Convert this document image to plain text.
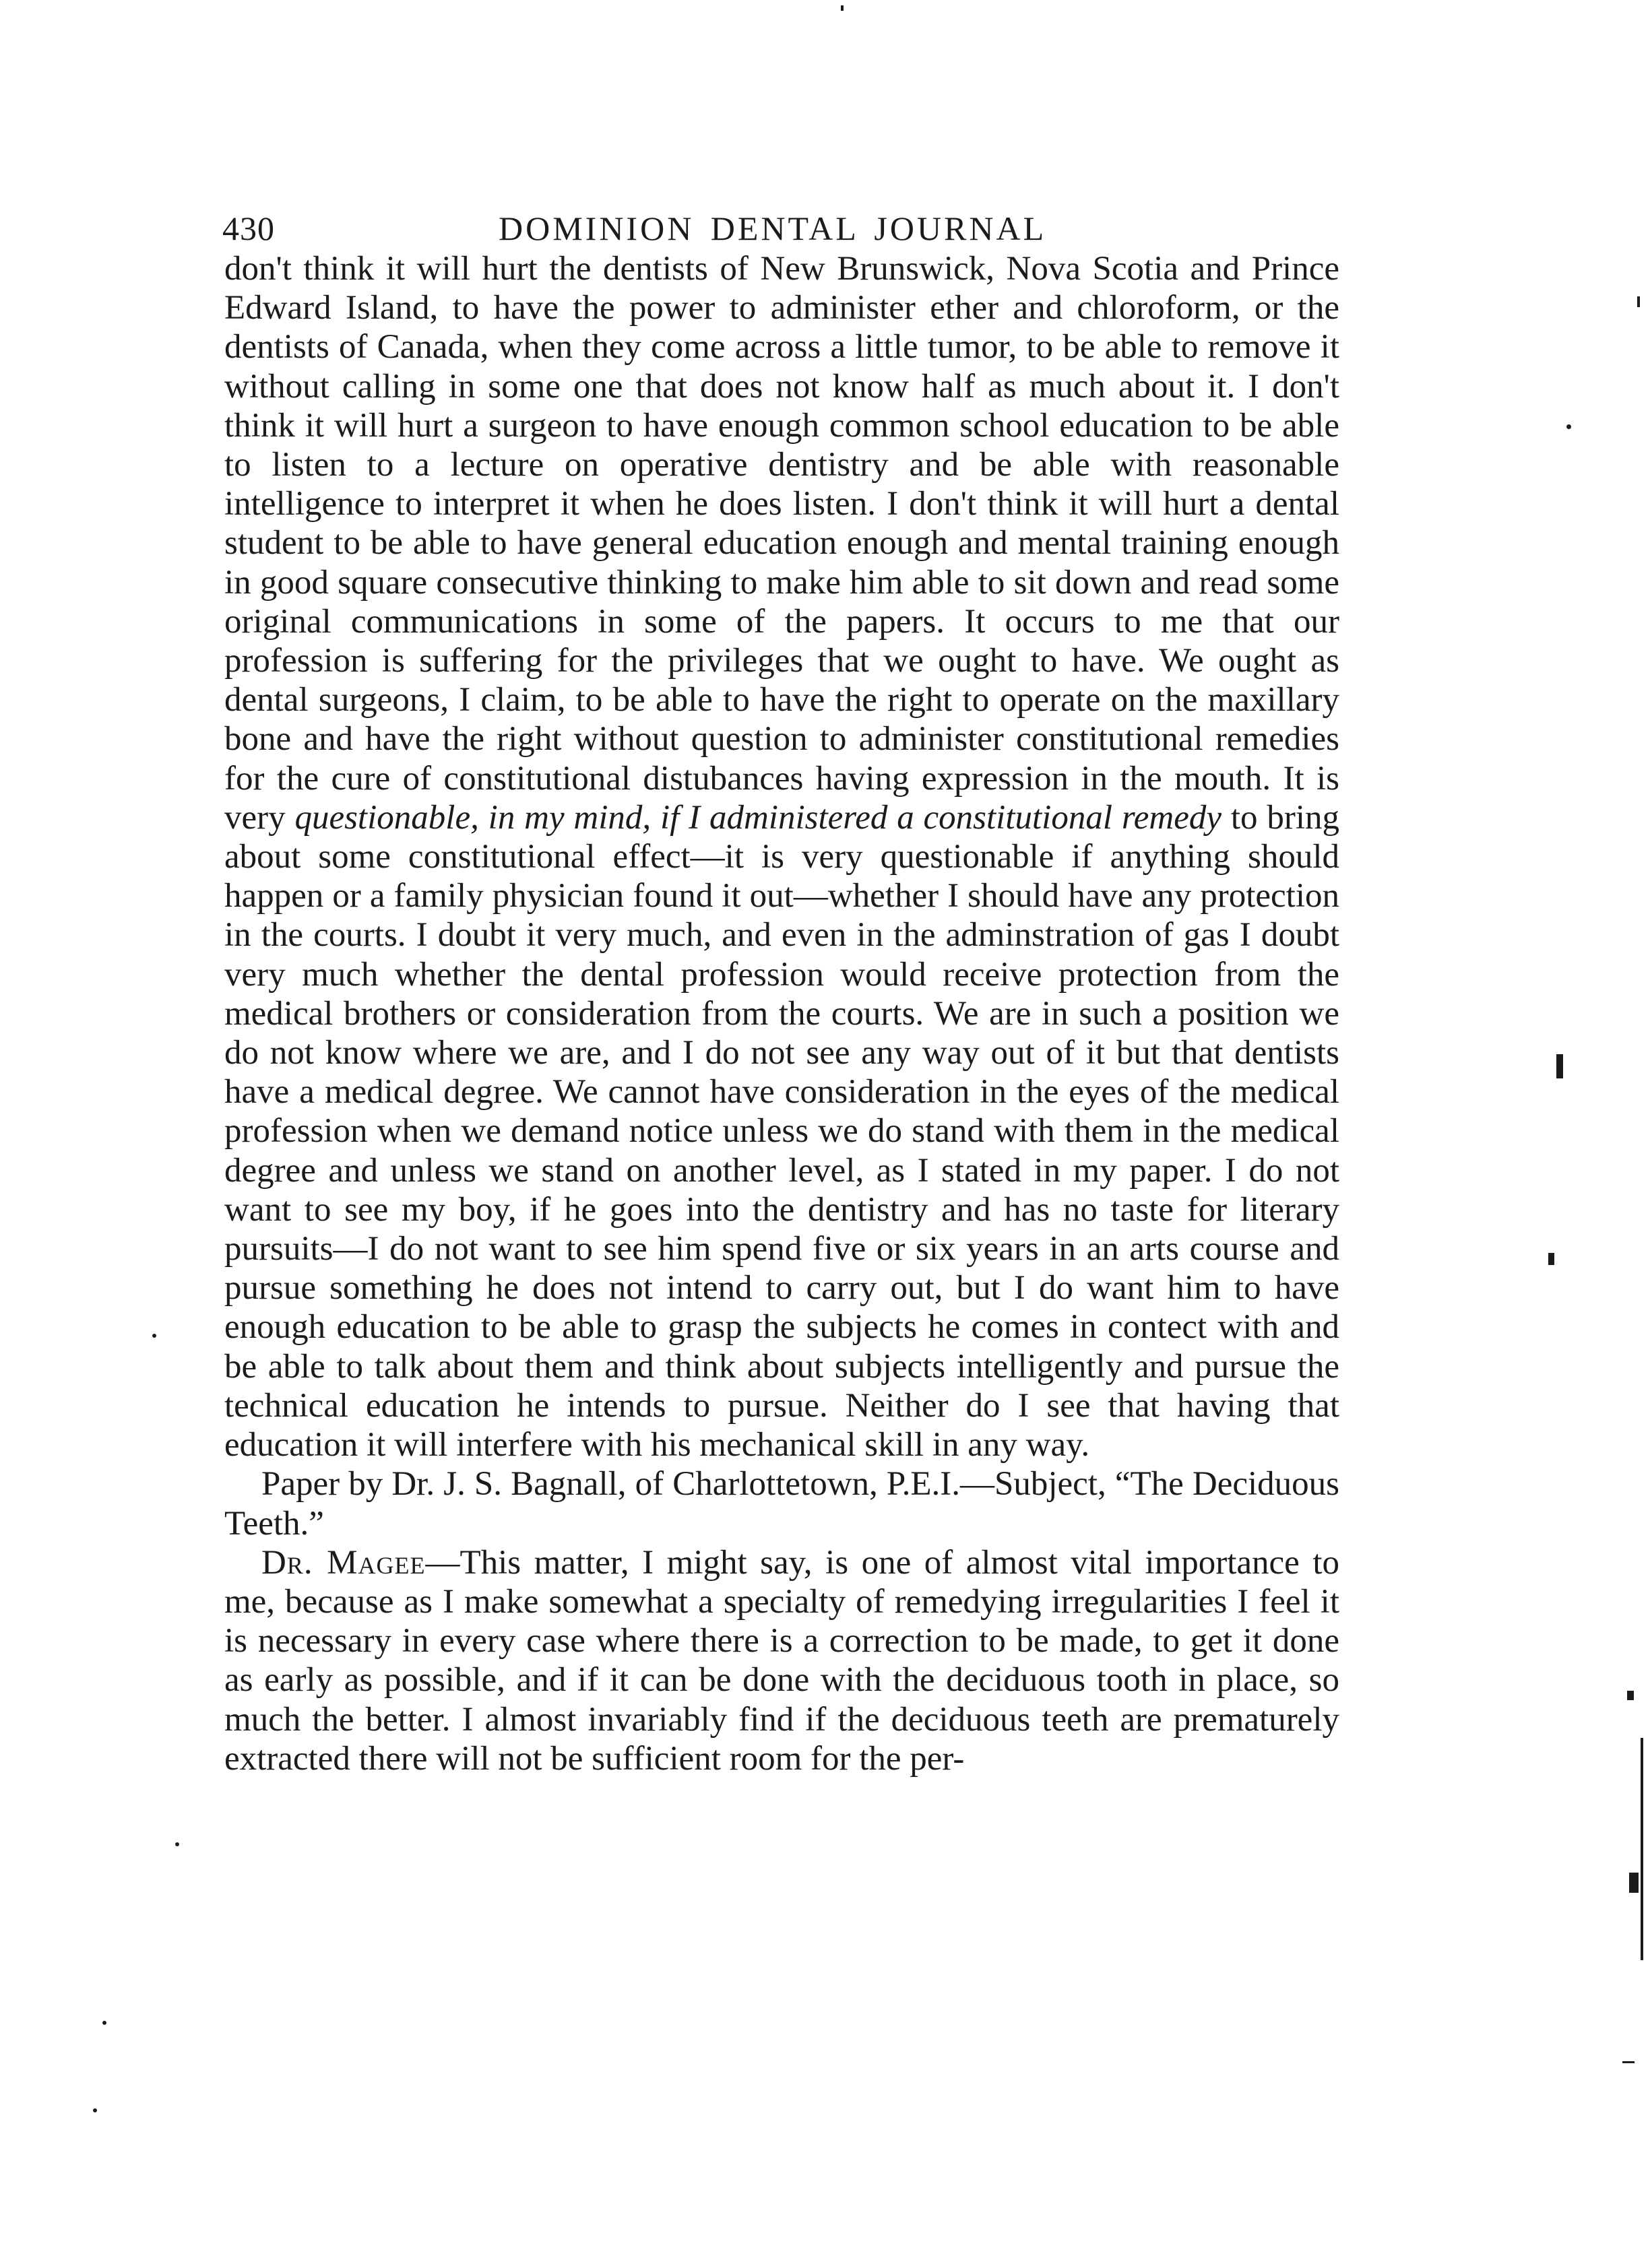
430	DOMINION DENTAL JOURNAL

don't think it will hurt the dentists of New Brunswick, Nova Scotia and Prince Edward Island, to have the power to administer ether and chloroform, or the dentists of Canada, when they come across a little tumor, to be able to remove it without calling in some one that does not know half as much about it. I don't think it will hurt a surgeon to have enough common school education to be able to listen to a lecture on operative dentistry and be able with reasonable intelligence to interpret it when he does listen. I don't think it will hurt a dental student to be able to have general education enough and mental training enough in good square consecutive thinking to make him able to sit down and read some original communications in some of the papers. It occurs to me that our profession is suffering for the privileges that we ought to have. We ought as dental surgeons, I claim, to be able to have the right to operate on the maxillary bone and have the right without question to administer constitutional remedies for the cure of constitutional distubances having expression in the mouth. It is very questionable, in my mind, if I administered a constitutional remedy to bring about some constitutional effect—it is very questionable if anything should happen or a family physician found it out—whether I should have any protection in the courts. I doubt it very much, and even in the adminstration of gas I doubt very much whether the dental profession would receive protection from the medical brothers or consideration from the courts. We are in such a position we do not know where we are, and I do not see any way out of it but that dentists have a medical degree. We cannot have consideration in the eyes of the medical profession when we demand notice unless we do stand with them in the medical degree and unless we stand on another level, as I stated in my paper. I do not want to see my boy, if he goes into the dentistry and has no taste for literary pursuits—I do not want to see him spend five or six years in an arts course and pursue something he does not intend to carry out, but I do want him to have enough education to be able to grasp the subjects he comes in contect with and be able to talk about them and think about subjects intelligently and pursue the technical education he intends to pursue. Neither do I see that having that education it will interfere with his mechanical skill in any way.

Paper by Dr. J. S. Bagnall, of Charlottetown, P.E.I.—Subject, “The Deciduous Teeth.”

Dr. Magee—This matter, I might say, is one of almost vital importance to me, because as I make somewhat a specialty of remedying irregularities I feel it is necessary in every case where there is a correction to be made, to get it done as early as possible, and if it can be done with the deciduous tooth in place, so much the better. I almost invariably find if the deciduous teeth are prematurely extracted there will not be sufficient room for the per-
